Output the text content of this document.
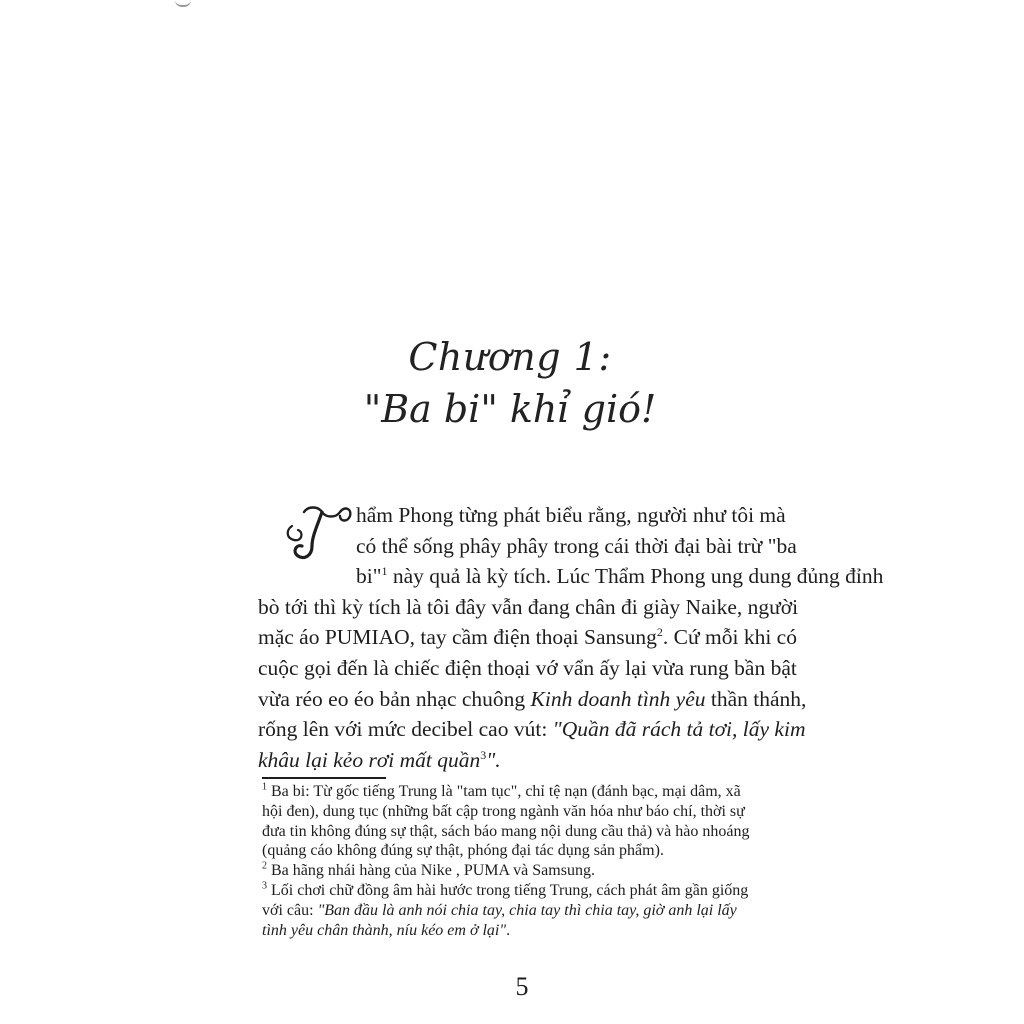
Chương 1:
"Ba bi" khỉ gió!
hẩm Phong từng phát biểu rằng, người như tôi mà
có thể sống phây phây trong cái thời đại bài trừ "ba
bi"$^1$ này quả là kỳ tích. Lúc Thẩm Phong ung dung đủng đỉnh
bò tới thì kỳ tích là tôi đây vẫn đang chân đi giày Naike, người
mặc áo PUMIAO, tay cầm điện thoại Sansung$^2$. Cứ mỗi khi có
cuộc gọi đến là chiếc điện thoại vớ vẩn ấy lại vừa rung bần bật
vừa réo eo éo bản nhạc chuông Kinh doanh tình yêu thần thánh,
rống lên với mức decibel cao vút: "Quần đã rách tả tơi, lấy kim
khâu lại kẻo rơi mất quần$^3$".
$^1$ Ba bi: Từ gốc tiếng Trung là "tam tục", chỉ tệ nạn (đánh bạc, mại dâm, xã
hội đen), dung tục (những bất cập trong ngành văn hóa như báo chí, thời sự
đưa tin không đúng sự thật, sách báo mang nội dung cầu thả) và hào nhoáng
(quảng cáo không đúng sự thật, phóng đại tác dụng sản phẩm).
$^2$ Ba hãng nhái hàng của Nike , PUMA và Samsung.
$^3$ Lối chơi chữ đồng âm hài hước trong tiếng Trung, cách phát âm gần giống
với câu: "Ban đầu là anh nói chia tay, chia tay thì chia tay, giờ anh lại lấy
tình yêu chân thành, níu kéo em ở lại".
5
